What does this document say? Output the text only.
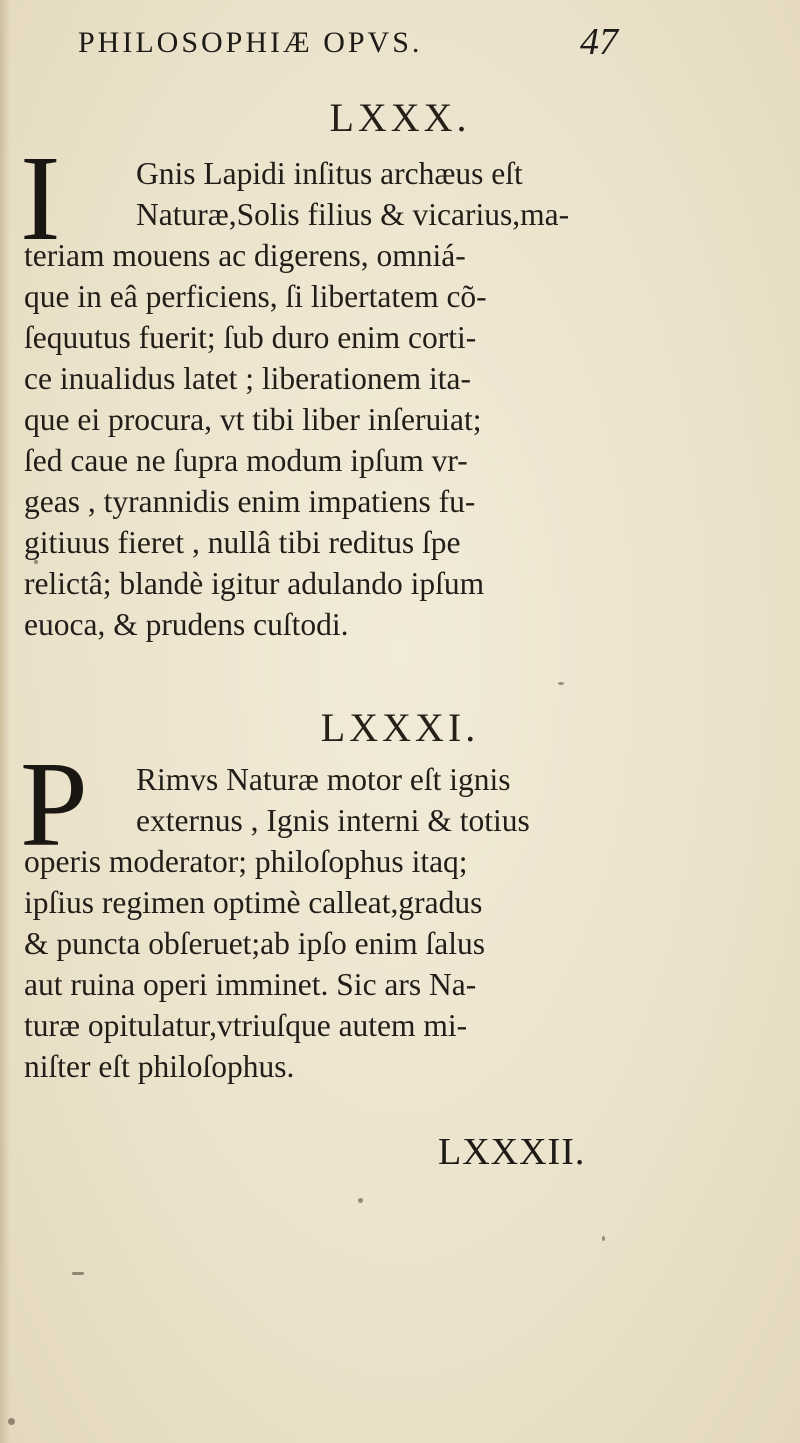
PHILOSOPHIÆ OPVS.	47
LXXX.
I Gnis Lapidi inſitus archæus eſt
Naturæ,Solis filius & vicarius,ma-
teriam mouens ac digerens, omniá-
que in eâ perficiens, ſi libertatem cõ-
ſequutus fuerit; ſub duro enim corti-
ce inualidus latet ; liberationem ita-
que ei procura, vt tibi liber inſeruiat;
ſed caue ne ſupra modum ipſum vr-
geas , tyrannidis enim impatiens fu-
gitiuus fieret , nullâ tibi reditus ſpe
relictâ; blandè igitur adulando ipſum
euoca, & prudens cuſtodi.
LXXXI.
P Rimvs Naturæ motor eſt ignis
externus , Ignis interni & totius
operis moderator; philoſophus itaq;
ipſius regimen optimè calleat,gradus
& puncta obſeruet;ab ipſo enim ſalus
aut ruina operi imminet. Sic ars Na-
turæ opitulatur,vtriuſque autem mi-
niſter eſt philoſophus.
LXXXII.
